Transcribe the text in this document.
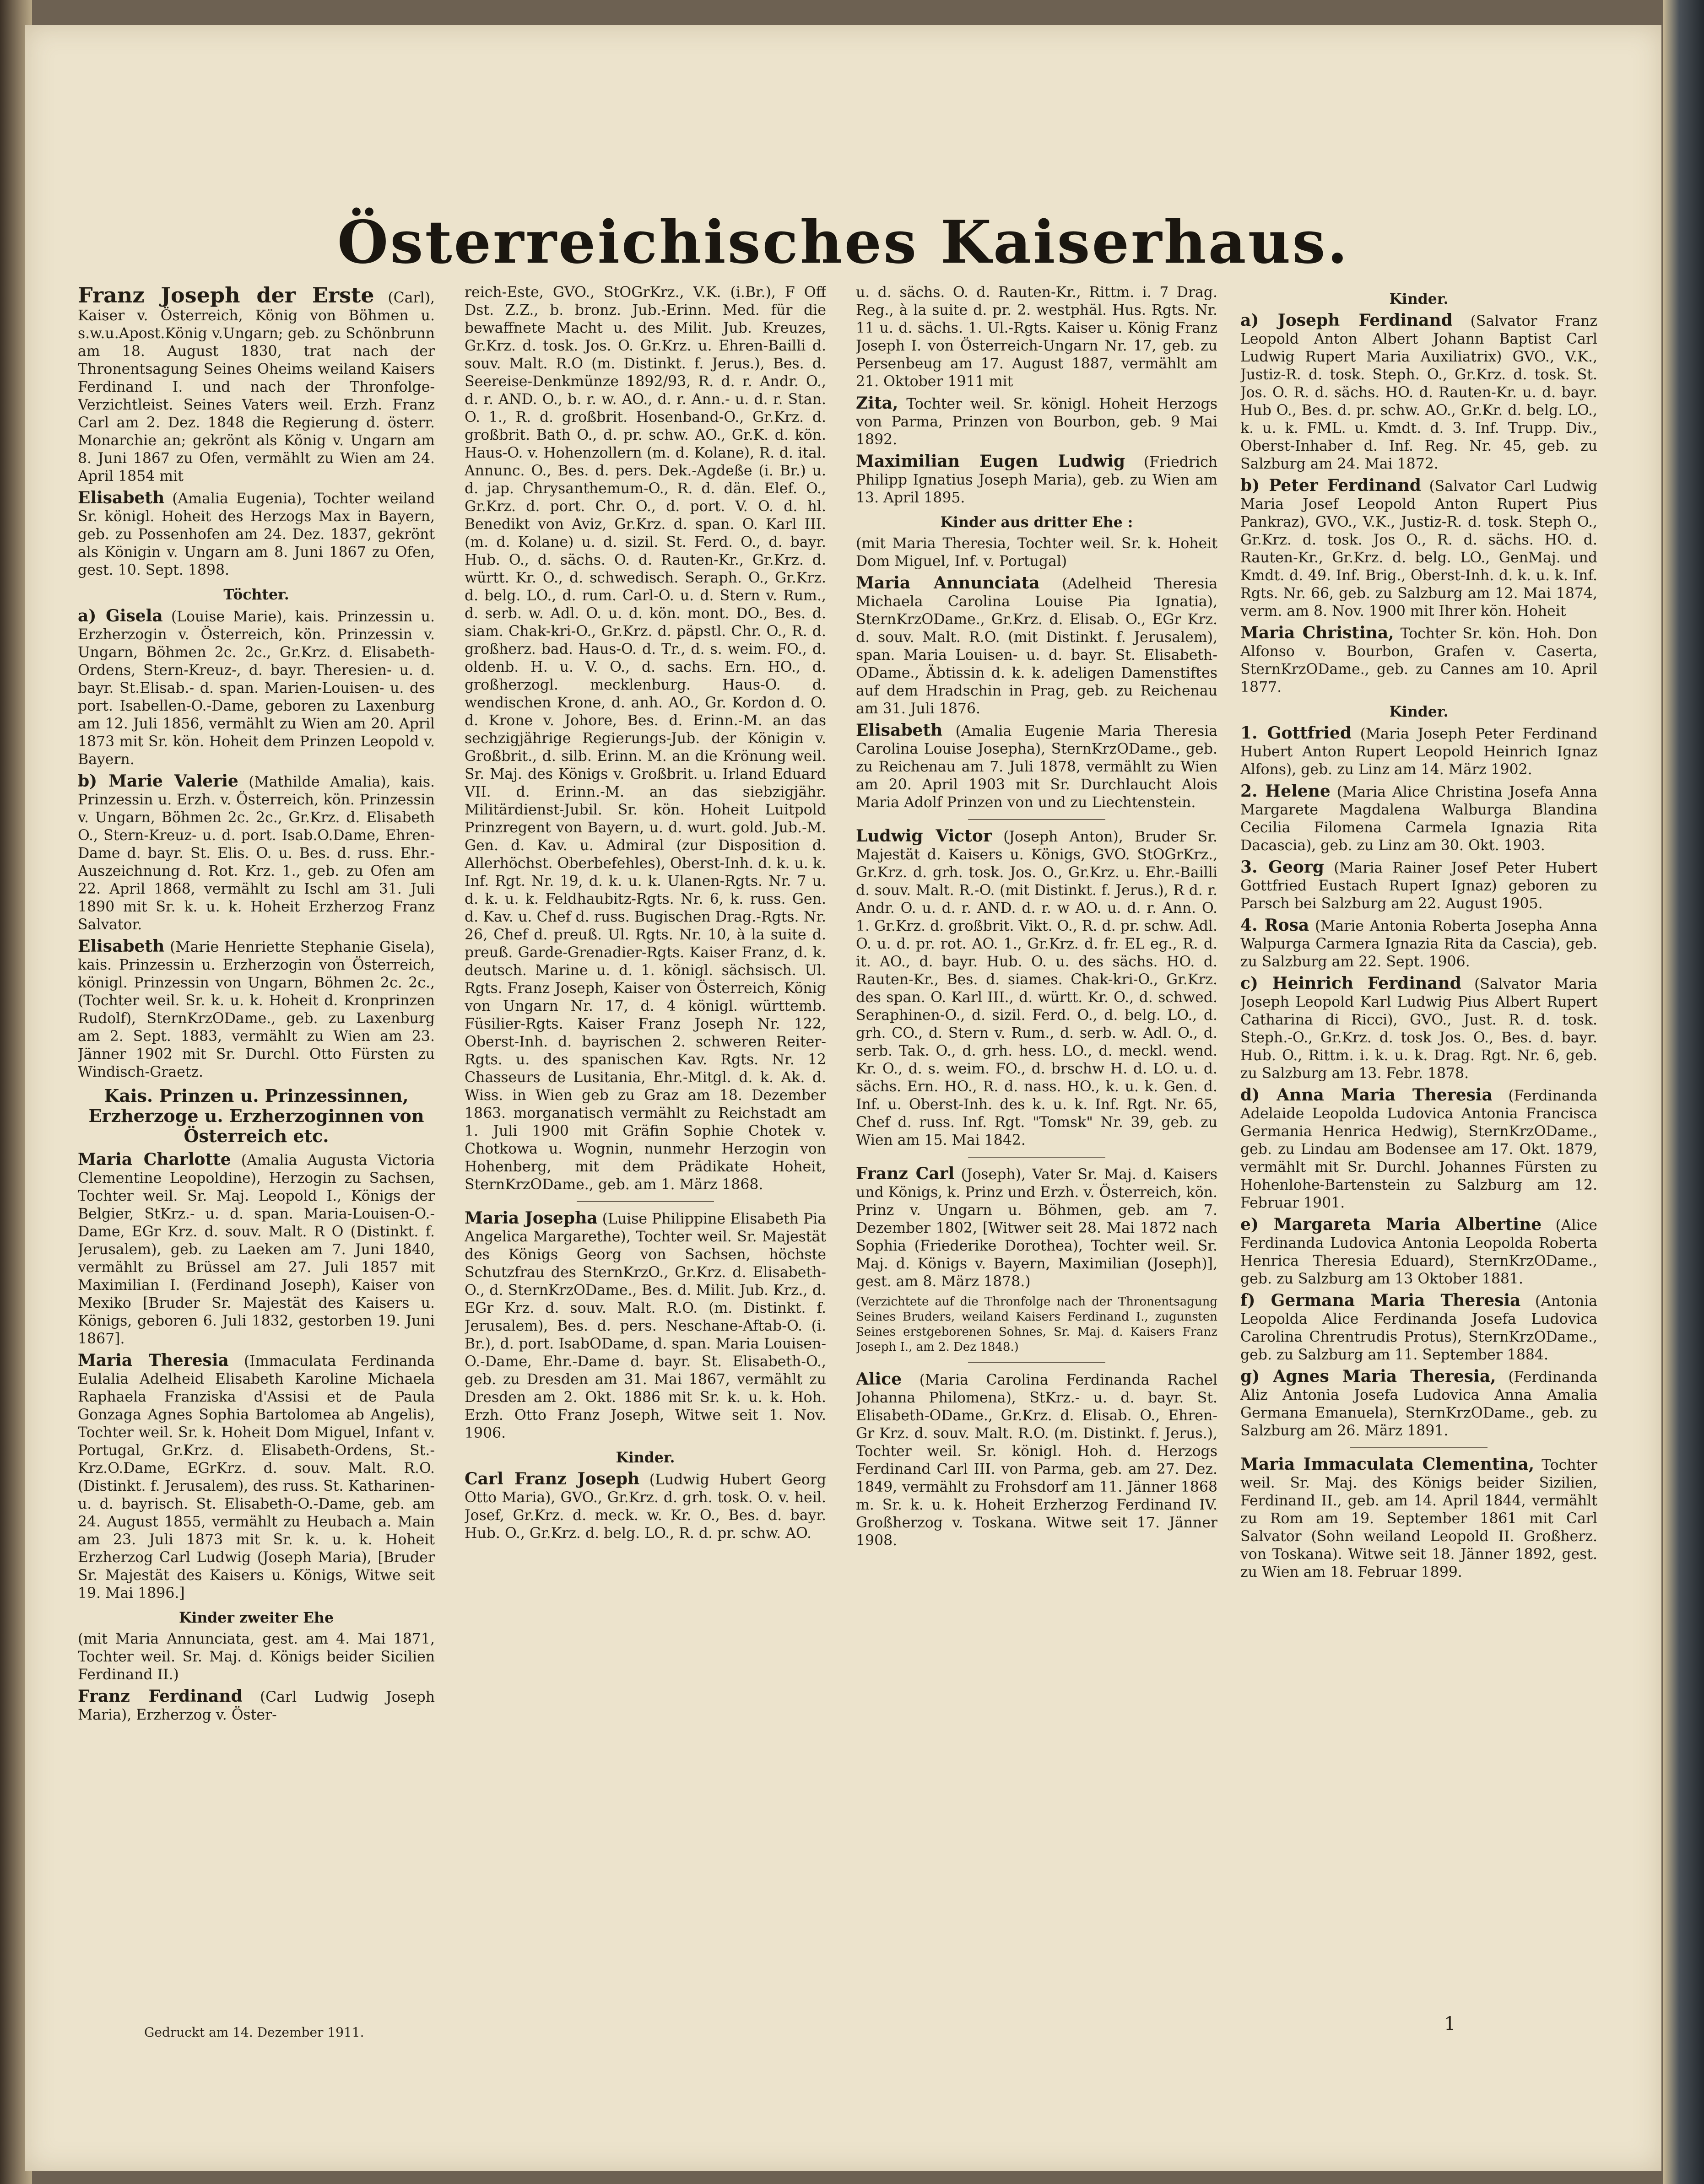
Österreichisches Kaiserhaus.

Franz Joseph der Erste (Carl), Kaiser v. Österreich, König von Böhmen u. s.w.u.Apost.König v.Ungarn; geb. zu Schönbrunn am 18. August 1830, trat nach der Thronentsagung Seines Oheims weiland Kaisers Ferdinand I. und nach der Thronfolge-Verzichtleist. Seines Vaters weil. Erzh. Franz Carl am 2. Dez. 1848 die Regierung d. österr. Monarchie an; gekrönt als König v. Ungarn am 8. Juni 1867 zu Ofen, vermählt zu Wien am 24. April 1854 mit

Elisabeth (Amalia Eugenia), Tochter weiland Sr. königl. Hoheit des Herzogs Max in Bayern, geb. zu Possenhofen am 24. Dez. 1837, gekrönt als Königin v. Ungarn am 8. Juni 1867 zu Ofen, gest. 10. Sept. 1898.

Töchter.

a) Gisela (Louise Marie), kais. Prinzessin u. Erzherzogin v. Österreich, kön. Prinzessin v. Ungarn, Böhmen 2c. 2c., Gr.Krz. d. Elisabeth-Ordens, Stern-Kreuz-, d. bayr. Theresien- u. d. bayr. St.Elisab.- d. span. Marien-Louisen- u. des port. Isabellen-O.-Dame, geboren zu Laxenburg am 12. Juli 1856, vermählt zu Wien am 20. April 1873 mit Sr. kön. Hoheit dem Prinzen Leopold v. Bayern.

b) Marie Valerie (Mathilde Amalia), kais. Prinzessin u. Erzh. v. Österreich, kön. Prinzessin v. Ungarn, Böhmen 2c. 2c., Gr.Krz. d. Elisabeth O., Stern-Kreuz- u. d. port. Isab.O.Dame, Ehren-Dame d. bayr. St. Elis. O. u. Bes. d. russ. Ehr.-Auszeichnung d. Rot. Krz. 1., geb. zu Ofen am 22. April 1868, vermählt zu Ischl am 31. Juli 1890 mit Sr. k. u. k. Hoheit Erzherzog Franz Salvator.

Elisabeth (Marie Henriette Stephanie Gisela), kais. Prinzessin u. Erzherzogin von Österreich, königl. Prinzessin von Ungarn, Böhmen 2c. 2c., (Tochter weil. Sr. k. u. k. Hoheit d. Kronprinzen Rudolf), SternKrzODame., geb. zu Laxenburg am 2. Sept. 1883, vermählt zu Wien am 23. Jänner 1902 mit Sr. Durchl. Otto Fürsten zu Windisch-Graetz.

Kais. Prinzen u. Prinzessinnen, Erzherzoge u. Erzherzoginnen von Österreich etc.

Maria Charlotte (Amalia Augusta Victoria Clementine Leopoldine), Herzogin zu Sachsen, Tochter weil. Sr. Maj. Leopold I., Königs der Belgier, StKrz.- u. d. span. Maria-Louisen-O.-Dame, EGr Krz. d. souv. Malt. R O (Distinkt. f. Jerusalem), geb. zu Laeken am 7. Juni 1840, vermählt zu Brüssel am 27. Juli 1857 mit Maximilian I. (Ferdinand Joseph), Kaiser von Mexiko [Bruder Sr. Majestät des Kaisers u. Königs, geboren 6. Juli 1832, gestorben 19. Juni 1867].

Maria Theresia (Immaculata Ferdinanda Eulalia Adelheid Elisabeth Karoline Michaela Raphaela Franziska d'Assisi et de Paula Gonzaga Agnes Sophia Bartolomea ab Angelis), Tochter weil. Sr. k. Hoheit Dom Miguel, Infant v. Portugal, Gr.Krz. d. Elisabeth-Ordens, St.-Krz.O.Dame, EGrKrz. d. souv. Malt. R.O. (Distinkt. f. Jerusalem), des russ. St. Katharinen- u. d. bayrisch. St. Elisabeth-O.-Dame, geb. am 24. August 1855, vermählt zu Heubach a. Main am 23. Juli 1873 mit Sr. k. u. k. Hoheit Erzherzog Carl Ludwig (Joseph Maria), [Bruder Sr. Majestät des Kaisers u. Königs, Witwe seit 19. Mai 1896.]

Kinder zweiter Ehe

(mit Maria Annunciata, gest. am 4. Mai 1871, Tochter weil. Sr. Maj. d. Königs beider Sicilien Ferdinand II.)

Franz Ferdinand (Carl Ludwig Joseph Maria), Erzherzog v. Öster-

reich-Este, GVO., StOGrKrz., V.K. (i.Br.), F Off Dst. Z.Z., b. bronz. Jub.-Erinn. Med. für die bewaffnete Macht u. des Milit. Jub. Kreuzes, Gr.Krz. d. tosk. Jos. O. Gr.Krz. u. Ehren-Bailli d. souv. Malt. R.O (m. Distinkt. f. Jerus.), Bes. d. Seereise-Denkmünze 1892/93, R. d. r. Andr. O., d. r. AND. O., b. r. w. AO., d. r. Ann.- u. d. r. Stan. O. 1., R. d. großbrit. Hosenband-O., Gr.Krz. d. großbrit. Bath O., d. pr. schw. AO., Gr.K. d. kön. Haus-O. v. Hohenzollern (m. d. Kolane), R. d. ital. Annunc. O., Bes. d. pers. Dek.-Agdeße (i. Br.) u. d. jap. Chrysanthemum-O., R. d. dän. Elef. O., Gr.Krz. d. port. Chr. O., d. port. V. O. d. hl. Benedikt von Aviz, Gr.Krz. d. span. O. Karl III. (m. d. Kolane) u. d. sizil. St. Ferd. O., d. bayr. Hub. O., d. sächs. O. d. Rauten-Kr., Gr.Krz. d. württ. Kr. O., d. schwedisch. Seraph. O., Gr.Krz. d. belg. LO., d. rum. Carl-O. u. d. Stern v. Rum., d. serb. w. Adl. O. u. d. kön. mont. DO., Bes. d. siam. Chak-kri-O., Gr.Krz. d. päpstl. Chr. O., R. d. großherz. bad. Haus-O. d. Tr., d. s. weim. FO., d. oldenb. H. u. V. O., d. sachs. Ern. HO., d. großherzogl. mecklenburg. Haus-O. d. wendischen Krone, d. anh. AO., Gr. Kordon d. O. d. Krone v. Johore, Bes. d. Erinn.-M. an das sechzigjährige Regierungs-Jub. der Königin v. Großbrit., d. silb. Erinn. M. an die Krönung weil. Sr. Maj. des Königs v. Großbrit. u. Irland Eduard VII. d. Erinn.-M. an das siebzigjähr. Militärdienst-Jubil. Sr. kön. Hoheit Luitpold Prinzregent von Bayern, u. d. wurt. gold. Jub.-M. Gen. d. Kav. u. Admiral (zur Disposition d. Allerhöchst. Oberbefehles), Oberst-Inh. d. k. u. k. Inf. Rgt. Nr. 19, d. k. u. k. Ulanen-Rgts. Nr. 7 u. d. k. u. k. Feldhaubitz-Rgts. Nr. 6, k. russ. Gen. d. Kav. u. Chef d. russ. Bugischen Drag.-Rgts. Nr. 26, Chef d. preuß. Ul. Rgts. Nr. 10, à la suite d. preuß. Garde-Grenadier-Rgts. Kaiser Franz, d. k. deutsch. Marine u. d. 1. königl. sächsisch. Ul. Rgts. Franz Joseph, Kaiser von Österreich, König von Ungarn Nr. 17, d. 4 königl. württemb. Füsilier-Rgts. Kaiser Franz Joseph Nr. 122, Oberst-Inh. d. bayrischen 2. schweren Reiter-Rgts. u. des spanischen Kav. Rgts. Nr. 12 Chasseurs de Lusitania, Ehr.-Mitgl. d. k. Ak. d. Wiss. in Wien geb zu Graz am 18. Dezember 1863. morganatisch vermählt zu Reichstadt am 1. Juli 1900 mit Gräfin Sophie Chotek v. Chotkowa u. Wognin, nunmehr Herzogin von Hohenberg, mit dem Prädikate Hoheit, SternKrzODame., geb. am 1. März 1868.

Maria Josepha (Luise Philippine Elisabeth Pia Angelica Margarethe), Tochter weil. Sr. Majestät des Königs Georg von Sachsen, höchste Schutzfrau des SternKrzO., Gr.Krz. d. Elisabeth-O., d. SternKrzODame., Bes. d. Milit. Jub. Krz., d. EGr Krz. d. souv. Malt. R.O. (m. Distinkt. f. Jerusalem), Bes. d. pers. Neschane-Aftab-O. (i. Br.), d. port. IsabODame, d. span. Maria Louisen-O.-Dame, Ehr.-Dame d. bayr. St. Elisabeth-O., geb. zu Dresden am 31. Mai 1867, vermählt zu Dresden am 2. Okt. 1886 mit Sr. k. u. k. Hoh. Erzh. Otto Franz Joseph, Witwe seit 1. Nov. 1906.

Kinder.

Carl Franz Joseph (Ludwig Hubert Georg Otto Maria), GVO., Gr.Krz. d. grh. tosk. O. v. heil. Josef, Gr.Krz. d. meck. w. Kr. O., Bes. d. bayr. Hub. O., Gr.Krz. d. belg. LO., R. d. pr. schw. AO.

u. d. sächs. O. d. Rauten-Kr., Rittm. i. 7 Drag. Reg., à la suite d. pr. 2. westphäl. Hus. Rgts. Nr. 11 u. d. sächs. 1. Ul.-Rgts. Kaiser u. König Franz Joseph I. von Österreich-Ungarn Nr. 17, geb. zu Persenbeug am 17. August 1887, vermählt am 21. Oktober 1911 mit

Zita, Tochter weil. Sr. königl. Hoheit Herzogs von Parma, Prinzen von Bourbon, geb. 9 Mai 1892.

Maximilian Eugen Ludwig (Friedrich Philipp Ignatius Joseph Maria), geb. zu Wien am 13. April 1895.

Kinder aus dritter Ehe :

(mit Maria Theresia, Tochter weil. Sr. k. Hoheit Dom Miguel, Inf. v. Portugal)

Maria Annunciata (Adelheid Theresia Michaela Carolina Louise Pia Ignatia), SternKrzODame., Gr.Krz. d. Elisab. O., EGr Krz. d. souv. Malt. R.O. (mit Distinkt. f. Jerusalem), span. Maria Louisen- u. d. bayr. St. Elisabeth-ODame., Äbtissin d. k. k. adeligen Damenstiftes auf dem Hradschin in Prag, geb. zu Reichenau am 31. Juli 1876.

Elisabeth (Amalia Eugenie Maria Theresia Carolina Louise Josepha), SternKrzODame., geb. zu Reichenau am 7. Juli 1878, vermählt zu Wien am 20. April 1903 mit Sr. Durchlaucht Alois Maria Adolf Prinzen von und zu Liechtenstein.

Ludwig Victor (Joseph Anton), Bruder Sr. Majestät d. Kaisers u. Königs, GVO. StOGrKrz., Gr.Krz. d. grh. tosk. Jos. O., Gr.Krz. u. Ehr.-Bailli d. souv. Malt. R.-O. (mit Distinkt. f. Jerus.), R d. r. Andr. O. u. d. r. AND. d. r. w AO. u. d. r. Ann. O. 1. Gr.Krz. d. großbrit. Vikt. O., R. d. pr. schw. Adl. O. u. d. pr. rot. AO. 1., Gr.Krz. d. fr. EL eg., R. d. it. AO., d. bayr. Hub. O. u. des sächs. HO. d. Rauten-Kr., Bes. d. siames. Chak-kri-O., Gr.Krz. des span. O. Karl III., d. württ. Kr. O., d. schwed. Seraphinen-O., d. sizil. Ferd. O., d. belg. LO., d. grh. CO., d. Stern v. Rum., d. serb. w. Adl. O., d. serb. Tak. O., d. grh. hess. LO., d. meckl. wend. Kr. O., d. s. weim. FO., d. brschw H. d. LO. u. d. sächs. Ern. HO., R. d. nass. HO., k. u. k. Gen. d. Inf. u. Oberst-Inh. des k. u. k. Inf. Rgt. Nr. 65, Chef d. russ. Inf. Rgt. "Tomsk" Nr. 39, geb. zu Wien am 15. Mai 1842.

Franz Carl (Joseph), Vater Sr. Maj. d. Kaisers und Königs, k. Prinz und Erzh. v. Österreich, kön. Prinz v. Ungarn u. Böhmen, geb. am 7. Dezember 1802, [Witwer seit 28. Mai 1872 nach Sophia (Friederike Dorothea), Tochter weil. Sr. Maj. d. Königs v. Bayern, Maximilian (Joseph)], gest. am 8. März 1878.)

(Verzichtete auf die Thronfolge nach der Thronentsagung Seines Bruders, weiland Kaisers Ferdinand I., zugunsten Seines erstgeborenen Sohnes, Sr. Maj. d. Kaisers Franz Joseph I., am 2. Dez 1848.)

Alice (Maria Carolina Ferdinanda Rachel Johanna Philomena), StKrz.- u. d. bayr. St. Elisabeth-ODame., Gr.Krz. d. Elisab. O., Ehren-Gr Krz. d. souv. Malt. R.O. (m. Distinkt. f. Jerus.), Tochter weil. Sr. königl. Hoh. d. Herzogs Ferdinand Carl III. von Parma, geb. am 27. Dez. 1849, vermählt zu Frohsdorf am 11. Jänner 1868 m. Sr. k. u. k. Hoheit Erzherzog Ferdinand IV. Großherzog v. Toskana. Witwe seit 17. Jänner 1908.

Kinder.

a) Joseph Ferdinand (Salvator Franz Leopold Anton Albert Johann Baptist Carl Ludwig Rupert Maria Auxiliatrix) GVO., V.K., Justiz-R. d. tosk. Steph. O., Gr.Krz. d. tosk. St. Jos. O. R. d. sächs. HO. d. Rauten-Kr. u. d. bayr. Hub O., Bes. d. pr. schw. AO., Gr.Kr. d. belg. LO., k. u. k. FML. u. Kmdt. d. 3. Inf. Trupp. Div., Oberst-Inhaber d. Inf. Reg. Nr. 45, geb. zu Salzburg am 24. Mai 1872.

b) Peter Ferdinand (Salvator Carl Ludwig Maria Josef Leopold Anton Rupert Pius Pankraz), GVO., V.K., Justiz-R. d. tosk. Steph O., Gr.Krz. d. tosk. Jos O., R. d. sächs. HO. d. Rauten-Kr., Gr.Krz. d. belg. LO., GenMaj. und Kmdt. d. 49. Inf. Brig., Oberst-Inh. d. k. u. k. Inf. Rgts. Nr. 66, geb. zu Salzburg am 12. Mai 1874, verm. am 8. Nov. 1900 mit Ihrer kön. Hoheit

Maria Christina, Tochter Sr. kön. Hoh. Don Alfonso v. Bourbon, Grafen v. Caserta, SternKrzODame., geb. zu Cannes am 10. April 1877.

Kinder.

1. Gottfried (Maria Joseph Peter Ferdinand Hubert Anton Rupert Leopold Heinrich Ignaz Alfons), geb. zu Linz am 14. März 1902.

2. Helene (Maria Alice Christina Josefa Anna Margarete Magdalena Walburga Blandina Cecilia Filomena Carmela Ignazia Rita Dacascia), geb. zu Linz am 30. Okt. 1903.

3. Georg (Maria Rainer Josef Peter Hubert Gottfried Eustach Rupert Ignaz) geboren zu Parsch bei Salzburg am 22. August 1905.

4. Rosa (Marie Antonia Roberta Josepha Anna Walpurga Carmera Ignazia Rita da Cascia), geb. zu Salzburg am 22. Sept. 1906.

c) Heinrich Ferdinand (Salvator Maria Joseph Leopold Karl Ludwig Pius Albert Rupert Catharina di Ricci), GVO., Just. R. d. tosk. Steph.-O., Gr.Krz. d. tosk Jos. O., Bes. d. bayr. Hub. O., Rittm. i. k. u. k. Drag. Rgt. Nr. 6, geb. zu Salzburg am 13. Febr. 1878.

d) Anna Maria Theresia (Ferdinanda Adelaide Leopolda Ludovica Antonia Francisca Germania Henrica Hedwig), SternKrzODame., geb. zu Lindau am Bodensee am 17. Okt. 1879, vermählt mit Sr. Durchl. Johannes Fürsten zu Hohenlohe-Bartenstein zu Salzburg am 12. Februar 1901.

e) Margareta Maria Albertine (Alice Ferdinanda Ludovica Antonia Leopolda Roberta Henrica Theresia Eduard), SternKrzODame., geb. zu Salzburg am 13 Oktober 1881.

f) Germana Maria Theresia (Antonia Leopolda Alice Ferdinanda Josefa Ludovica Carolina Chrentrudis Protus), SternKrzODame., geb. zu Salzburg am 11. September 1884.

g) Agnes Maria Theresia, (Ferdinanda Aliz Antonia Josefa Ludovica Anna Amalia Germana Emanuela), SternKrzODame., geb. zu Salzburg am 26. März 1891.

Maria Immaculata Clementina, Tochter weil. Sr. Maj. des Königs beider Sizilien, Ferdinand II., geb. am 14. April 1844, vermählt zu Rom am 19. September 1861 mit Carl Salvator (Sohn weiland Leopold II. Großherz. von Toskana). Witwe seit 18. Jänner 1892, gest. zu Wien am 18. Februar 1899.

Gedruckt am 14. Dezember 1911.	1
